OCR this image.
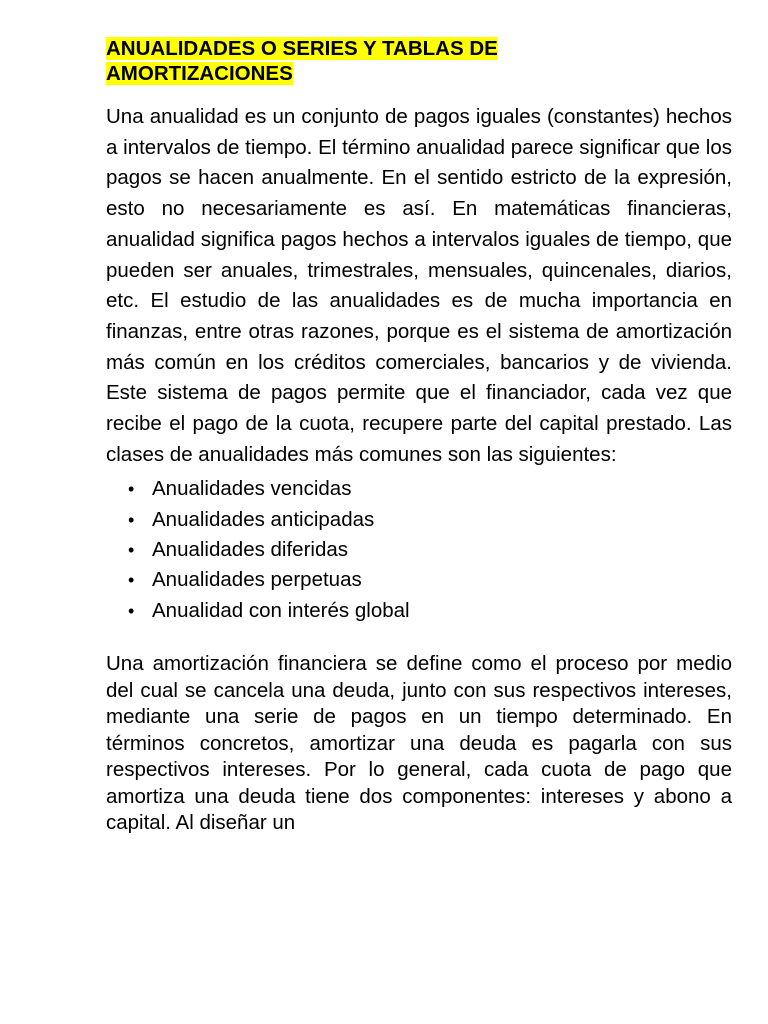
ANUALIDADES O SERIES Y TABLAS DE
AMORTIZACIONES

Una anualidad es un conjunto de pagos iguales (constantes) hechos a intervalos de tiempo. El término anualidad parece significar que los pagos se hacen anualmente. En el sentido estricto de la expresión, esto no necesariamente es así. En matemáticas financieras, anualidad significa pagos hechos a intervalos iguales de tiempo, que pueden ser anuales, trimestrales, mensuales, quincenales, diarios, etc. El estudio de las anualidades es de mucha importancia en finanzas, entre otras razones, porque es el sistema de amortización más común en los créditos comerciales, bancarios y de vivienda. Este sistema de pagos permite que el financiador, cada vez que recibe el pago de la cuota, recupere parte del capital prestado. Las clases de anualidades más comunes son las siguientes:

• Anualidades vencidas
• Anualidades anticipadas
• Anualidades diferidas
• Anualidades perpetuas
• Anualidad con interés global

Una amortización financiera se define como el proceso por medio del cual se cancela una deuda, junto con sus respectivos intereses, mediante una serie de pagos en un tiempo determinado. En términos concretos, amortizar una deuda es pagarla con sus respectivos intereses. Por lo general, cada cuota de pago que amortiza una deuda tiene dos componentes: intereses y abono a capital. Al diseñar un
